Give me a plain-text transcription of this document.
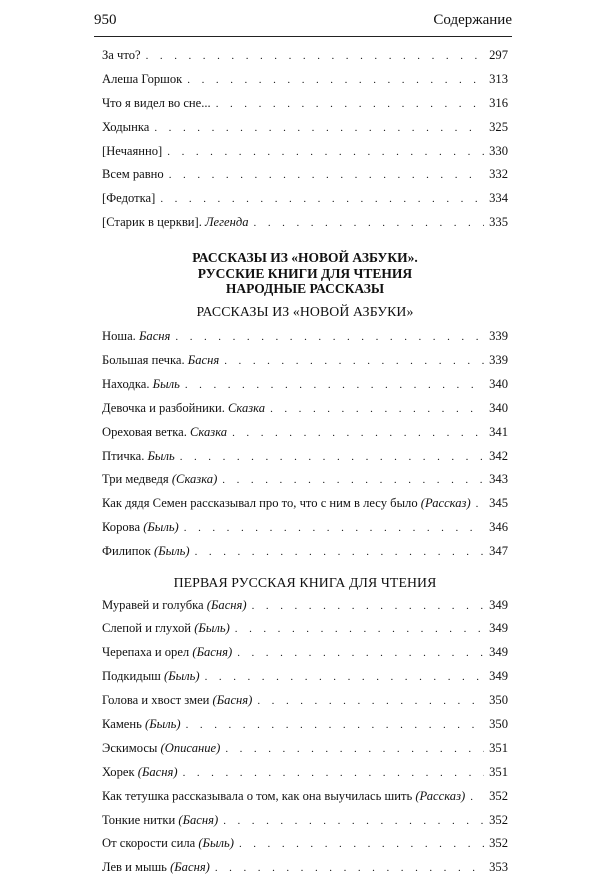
950	Содержание
За что? . . .	297
Алеша Горшок . . .	313
Что я видел во сне... . . .	316
Ходынка . . .	325
[Нечаянно] . . .	330
Всем равно . . .	332
[Федотка] . . .	334
[Старик в церкви]. Легенда . . .	335
РАССКАЗЫ ИЗ «НОВОЙ АЗБУКИ».
РУССКИЕ КНИГИ ДЛЯ ЧТЕНИЯ
НАРОДНЫЕ РАССКАЗЫ
РАССКАЗЫ ИЗ «НОВОЙ АЗБУКИ»
Ноша. Басня . . .	339
Большая печка. Басня . . .	339
Находка. Быль . . .	340
Девочка и разбойники. Сказка . . .	340
Ореховая ветка. Сказка . . .	341
Птичка. Быль . . .	342
Три медведя (Сказка) . . .	343
Как дядя Семен рассказывал про то, что с ним в лесу было (Рассказ) . . . 345
Корова (Быль) . . .	346
Филипок (Быль) . . .	347
ПЕРВАЯ РУССКАЯ КНИГА ДЛЯ ЧТЕНИЯ
Муравей и голубка (Басня) . . .	349
Слепой и глухой (Быль) . . .	349
Черепаха и орел (Басня) . . .	349
Подкидыш (Быль) . . .	349
Голова и хвост змеи (Басня) . . .	350
Камень (Быль) . . .	350
Эскимосы (Описание) . . .	351
Хорек (Басня) . . .	351
Как тетушка рассказывала о том, как она выучилась шить (Рассказ) . . . 352
Тонкие нитки (Басня) . . .	352
От скорости сила (Быль) . . .	352
Лев и мышь (Басня) . . .	353
